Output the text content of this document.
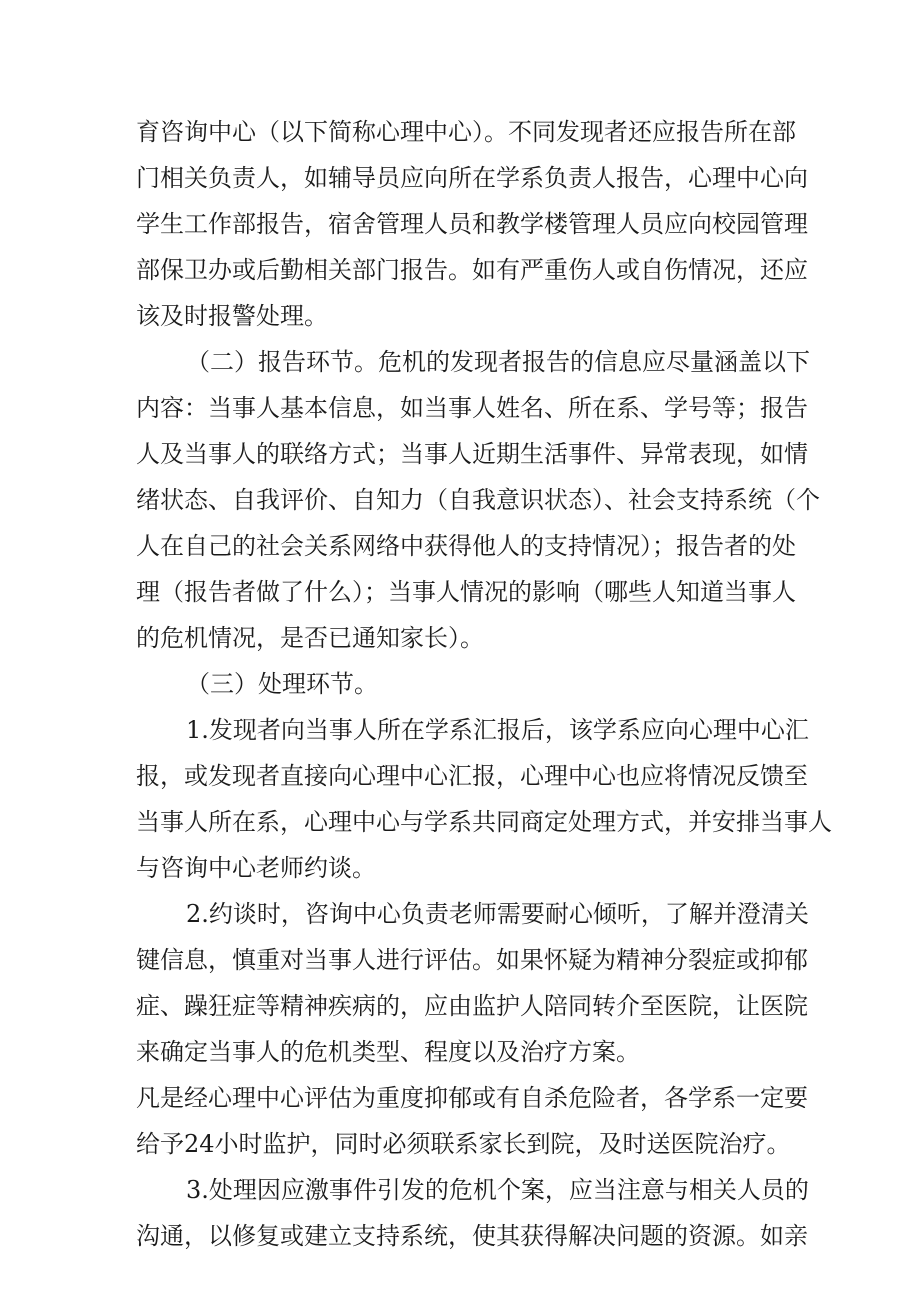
育咨询中心（以下简称心理中心）。不同发现者还应报告所在部
门相关负责人，如辅导员应向所在学系负责人报告，心理中心向
学生工作部报告，宿舍管理人员和教学楼管理人员应向校园管理
部保卫办或后勤相关部门报告。如有严重伤人或自伤情况，还应
该及时报警处理。
（二）报告环节。危机的发现者报告的信息应尽量涵盖以下
内容：当事人基本信息，如当事人姓名、所在系、学号等；报告
人及当事人的联络方式；当事人近期生活事件、异常表现，如情
绪状态、自我评价、自知力（自我意识状态）、社会支持系统（个
人在自己的社会关系网络中获得他人的支持情况）；报告者的处
理（报告者做了什么）；当事人情况的影响（哪些人知道当事人
的危机情况，是否已通知家长）。
（三）处理环节。
1.发现者向当事人所在学系汇报后，该学系应向心理中心汇
报，或发现者直接向心理中心汇报，心理中心也应将情况反馈至
当事人所在系，心理中心与学系共同商定处理方式，并安排当事人
与咨询中心老师约谈。
2.约谈时，咨询中心负责老师需要耐心倾听，了解并澄清关
键信息，慎重对当事人进行评估。如果怀疑为精神分裂症或抑郁
症、躁狂症等精神疾病的，应由监护人陪同转介至医院，让医院
来确定当事人的危机类型、程度以及治疗方案。
凡是经心理中心评估为重度抑郁或有自杀危险者，各学系一定要
给予24小时监护，同时必须联系家长到院，及时送医院治疗。
3.处理因应激事件引发的危机个案，应当注意与相关人员的
沟通，以修复或建立支持系统，使其获得解决问题的资源。如亲
